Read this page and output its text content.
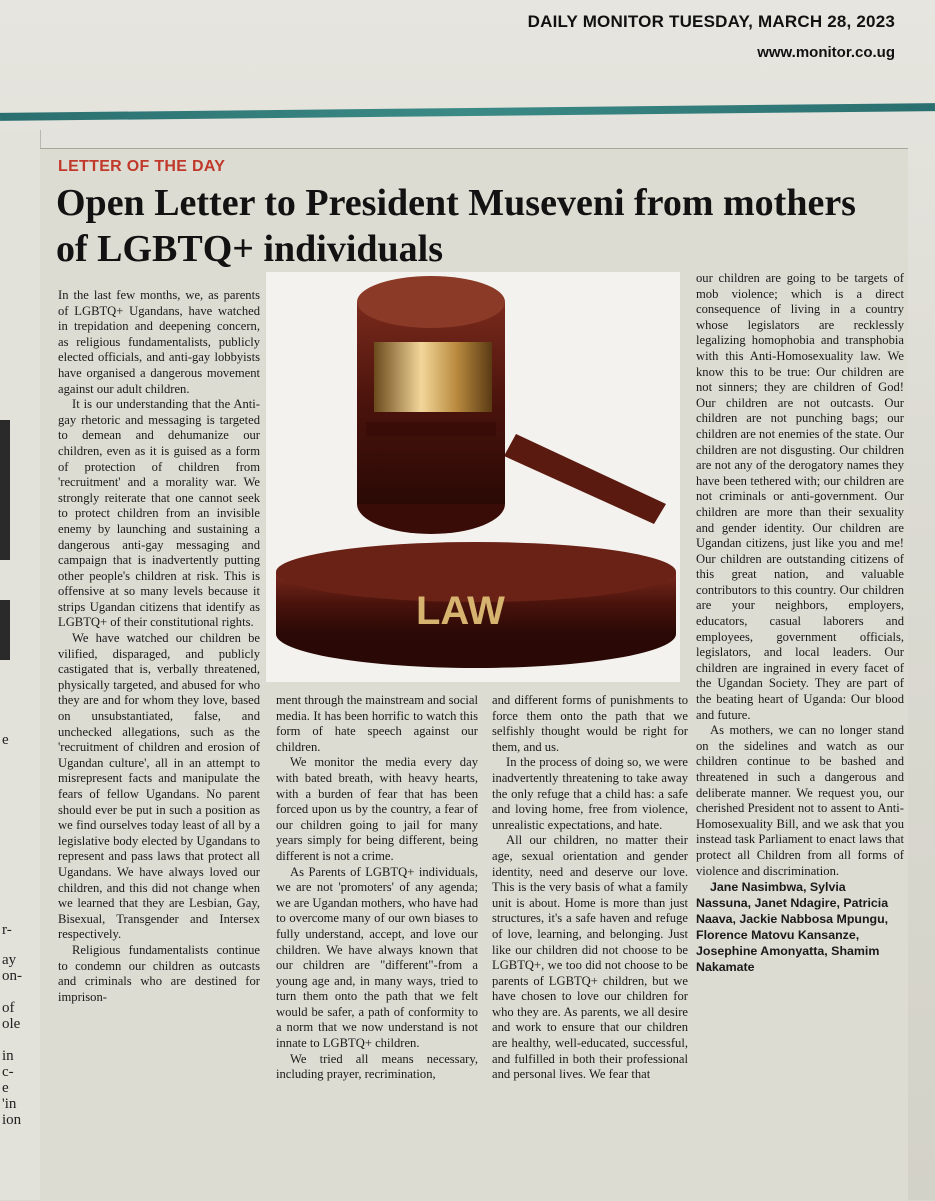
DAILY MONITOR TUESDAY, MARCH 28, 2023
www.monitor.co.ug
e
r-
ay
on-
of
ole
in
c-
e
'in
ion
LETTER OF THE DAY
Open Letter to President Museveni from mothers of LGBTQ+ individuals
LAW

In the last few months, we, as parents of LGBTQ+ Ugandans, have watched in trepidation and deepening concern, as religious fundamentalists, publicly elected officials, and anti-gay lobbyists have organised a dangerous movement against our adult children.

It is our understanding that the Anti-gay rhetoric and messaging is targeted to demean and dehumanize our children, even as it is guised as a form of protection of children from 'recruitment' and a morality war. We strongly reiterate that one cannot seek to protect children from an invisible enemy by launching and sustaining a dangerous anti-gay messaging and campaign that is inadvertently putting other people's children at risk. This is offensive at so many levels because it strips Ugandan citizens that identify as LGBTQ+ of their constitutional rights.

We have watched our children be vilified, disparaged, and publicly castigated that is, verbally threatened, physically targeted, and abused for who they are and for whom they love, based on unsubstantiated, false, and unchecked allegations, such as the 'recruitment of children and erosion of Ugandan culture', all in an attempt to misrepresent facts and manipulate the fears of fellow Ugandans. No parent should ever be put in such a position as we find ourselves today least of all by a legislative body elected by Ugandans to represent and pass laws that protect all Ugandans. We have always loved our children, and this did not change when we learned that they are Lesbian, Gay, Bisexual, Transgender and Intersex respectively.

Religious fundamentalists continue to condemn our children as outcasts and criminals who are destined for imprison-

ment through the mainstream and social media. It has been horrific to watch this form of hate speech against our children.

We monitor the media every day with bated breath, with heavy hearts, with a burden of fear that has been forced upon us by the country, a fear of our children going to jail for many years simply for being different, being different is not a crime.

As Parents of LGBTQ+ individuals, we are not 'promoters' of any agenda; we are Ugandan mothers, who have had to overcome many of our own biases to fully understand, accept, and love our children. We have always known that our children are "different"-from a young age and, in many ways, tried to turn them onto the path that we felt would be safer, a path of conformity to a norm that we now understand is not innate to LGBTQ+ children.

We tried all means necessary, including prayer, recrimination,

and different forms of punishments to force them onto the path that we selfishly thought would be right for them, and us.

In the process of doing so, we were inadvertently threatening to take away the only refuge that a child has: a safe and loving home, free from violence, unrealistic expectations, and hate.

All our children, no matter their age, sexual orientation and gender identity, need and deserve our love. This is the very basis of what a family unit is about. Home is more than just structures, it's a safe haven and refuge of love, learning, and belonging. Just like our children did not choose to be LGBTQ+, we too did not choose to be parents of LGBTQ+ children, but we have chosen to love our children for who they are. As parents, we all desire and work to ensure that our children are healthy, well-educated, successful, and fulfilled in both their professional and personal lives. We fear that

our children are going to be targets of mob violence; which is a direct consequence of living in a country whose legislators are recklessly legalizing homophobia and transphobia with this Anti-Homosexuality law. We know this to be true: Our children are not sinners; they are children of God! Our children are not outcasts. Our children are not punching bags; our children are not enemies of the state. Our children are not disgusting. Our children are not any of the derogatory names they have been tethered with; our children are not criminals or anti-government. Our children are more than their sexuality and gender identity. Our children are Ugandan citizens, just like you and me! Our children are outstanding citizens of this great nation, and valuable contributors to this country. Our children are your neighbors, employers, educators, casual laborers and employees, government officials, legislators, and local leaders. Our children are ingrained in every facet of the Ugandan Society. They are part of the beating heart of Uganda: Our blood and future.

As mothers, we can no longer stand on the sidelines and watch as our children continue to be bashed and threatened in such a dangerous and deliberate manner. We request you, our cherished President not to assent to Anti- Homosexuality Bill, and we ask that you instead task Parliament to enact laws that protect all Children from all forms of violence and discrimination.

Jane Nasimbwa, Sylvia Nassuna, Janet Ndagire, Patricia Naava, Jackie Nabbosa Mpungu, Florence Matovu Kansanze, Josephine Amonyatta, Shamim Nakamate
